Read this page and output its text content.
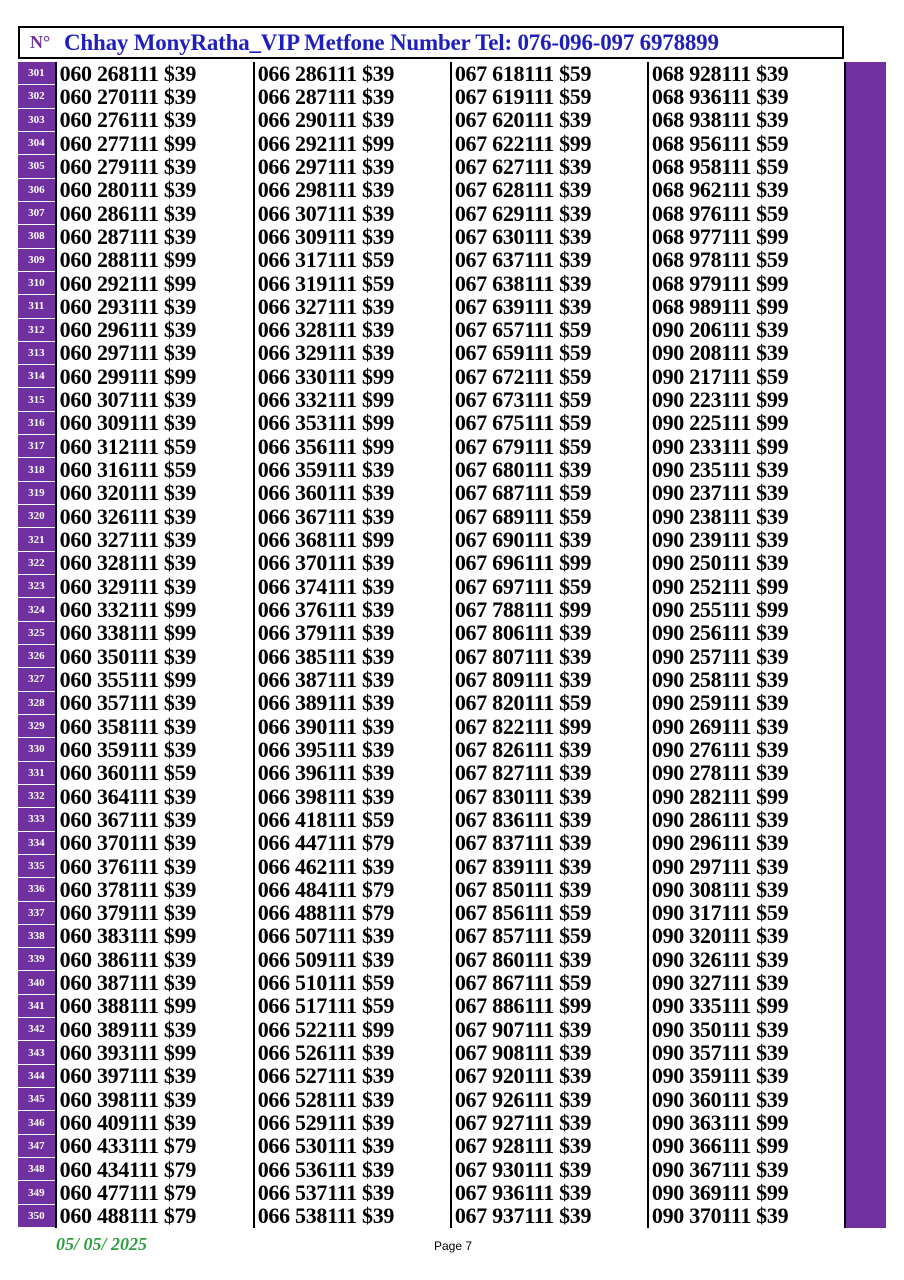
N° Chhay MonyRatha_VIP Metfone Number Tel: 076-096-097 6978899
301 060 268111 $39	066 286111 $39	067 618111 $59	068 928111 $39
302 060 270111 $39	066 287111 $39	067 619111 $59	068 936111 $39
303 060 276111 $39	066 290111 $39	067 620111 $39	068 938111 $39
304 060 277111 $99	066 292111 $99	067 622111 $99	068 956111 $59
305 060 279111 $39	066 297111 $39	067 627111 $39	068 958111 $59
306 060 280111 $39	066 298111 $39	067 628111 $39	068 962111 $39
307 060 286111 $39	066 307111 $39	067 629111 $39	068 976111 $59
308 060 287111 $39	066 309111 $39	067 630111 $39	068 977111 $99
309 060 288111 $99	066 317111 $59	067 637111 $39	068 978111 $59
310 060 292111 $99	066 319111 $59	067 638111 $39	068 979111 $99
311 060 293111 $39	066 327111 $39	067 639111 $39	068 989111 $99
312 060 296111 $39	066 328111 $39	067 657111 $59	090 206111 $39
313 060 297111 $39	066 329111 $39	067 659111 $59	090 208111 $39
314 060 299111 $99	066 330111 $99	067 672111 $59	090 217111 $59
315 060 307111 $39	066 332111 $99	067 673111 $59	090 223111 $99
316 060 309111 $39	066 353111 $99	067 675111 $59	090 225111 $99
317 060 312111 $59	066 356111 $99	067 679111 $59	090 233111 $99
318 060 316111 $59	066 359111 $39	067 680111 $39	090 235111 $39
319 060 320111 $39	066 360111 $39	067 687111 $59	090 237111 $39
320 060 326111 $39	066 367111 $39	067 689111 $59	090 238111 $39
321 060 327111 $39	066 368111 $99	067 690111 $39	090 239111 $39
322 060 328111 $39	066 370111 $39	067 696111 $99	090 250111 $39
323 060 329111 $39	066 374111 $39	067 697111 $59	090 252111 $99
324 060 332111 $99	066 376111 $39	067 788111 $99	090 255111 $99
325 060 338111 $99	066 379111 $39	067 806111 $39	090 256111 $39
326 060 350111 $39	066 385111 $39	067 807111 $39	090 257111 $39
327 060 355111 $99	066 387111 $39	067 809111 $39	090 258111 $39
328 060 357111 $39	066 389111 $39	067 820111 $59	090 259111 $39
329 060 358111 $39	066 390111 $39	067 822111 $99	090 269111 $39
330 060 359111 $39	066 395111 $39	067 826111 $39	090 276111 $39
331 060 360111 $59	066 396111 $39	067 827111 $39	090 278111 $39
332 060 364111 $39	066 398111 $39	067 830111 $39	090 282111 $99
333 060 367111 $39	066 418111 $59	067 836111 $39	090 286111 $39
334 060 370111 $39	066 447111 $79	067 837111 $39	090 296111 $39
335 060 376111 $39	066 462111 $39	067 839111 $39	090 297111 $39
336 060 378111 $39	066 484111 $79	067 850111 $39	090 308111 $39
337 060 379111 $39	066 488111 $79	067 856111 $59	090 317111 $59
338 060 383111 $99	066 507111 $39	067 857111 $59	090 320111 $39
339 060 386111 $39	066 509111 $39	067 860111 $39	090 326111 $39
340 060 387111 $39	066 510111 $59	067 867111 $59	090 327111 $39
341 060 388111 $99	066 517111 $59	067 886111 $99	090 335111 $99
342 060 389111 $39	066 522111 $99	067 907111 $39	090 350111 $39
343 060 393111 $99	066 526111 $39	067 908111 $39	090 357111 $39
344 060 397111 $39	066 527111 $39	067 920111 $39	090 359111 $39
345 060 398111 $39	066 528111 $39	067 926111 $39	090 360111 $39
346 060 409111 $39	066 529111 $39	067 927111 $39	090 363111 $99
347 060 433111 $79	066 530111 $39	067 928111 $39	090 366111 $99
348 060 434111 $79	066 536111 $39	067 930111 $39	090 367111 $39
349 060 477111 $79	066 537111 $39	067 936111 $39	090 369111 $99
350 060 488111 $79	066 538111 $39	067 937111 $39	090 370111 $39
05/ 05/ 2025	Page 7
